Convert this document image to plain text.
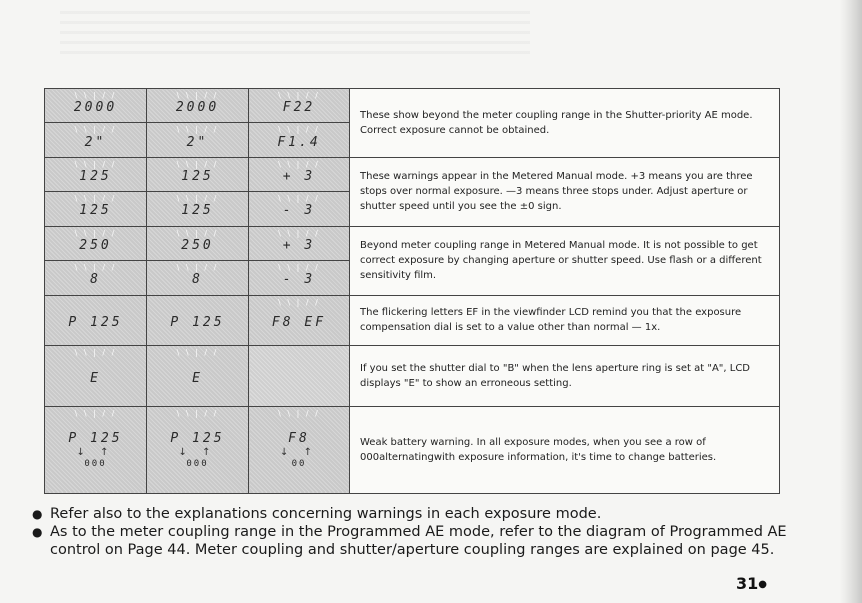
\ \ | / /
2000	\ \ | / /
2000	\ \ | / /
F22	These show beyond the meter coupling range in the Shutter-priority AE mode. Correct exposure cannot be obtained.

\ \ | / /
2"	\ \ | / /
2"	\ \ | / /
F1.4	

\ \ | / /
125	\ \ | / /
125	\ \ | / /
+ 3	These warnings appear in the Metered Manual mode. +3 means you are three stops over normal exposure. —3 means three stops under. Adjust aperture or shutter speed until you see the ±0 sign.

\ \ | / /
125	\ \ | / /
125	\ \ | / /
- 3	

\ \ | / /
250	\ \ | / /
250	\ \ | / /
+ 3	Beyond meter coupling range in Metered Manual mode. It is not possible to get correct exposure by changing aperture or shutter speed. Use flash or a different sensitivity film.

\ \ | / /
8	\ \ | / /
8	\ \ | / /
- 3	
P 125	P 125	\ \ | / /
F8 EF	The flickering letters EF in the viewfinder LCD remind you that the exposure compensation dial is set to a value other than normal — 1x.

\ \ | / /
E	\ \ | / /
E		If you set the shutter dial to "B" when the lens aperture ring is set at "A", LCD displays "E" to show an erroneous setting.

\ \ | / /
P 125
↓ ↑
000	\ \ | / /
P 125
↓ ↑
000	\ \ | / /
F8
↓ ↑
00	Weak battery warning. In all exposure modes, when you see a row of 000alternatingwith exposure information, it's time to change batteries.
● Refer also to the explanations concerning warnings in each exposure mode.
● As to the meter coupling range in the Programmed AE mode, refer to the diagram of Programmed AE control on Page 44. Meter coupling and shutter/aperture coupling ranges are explained on page 45.
31●
